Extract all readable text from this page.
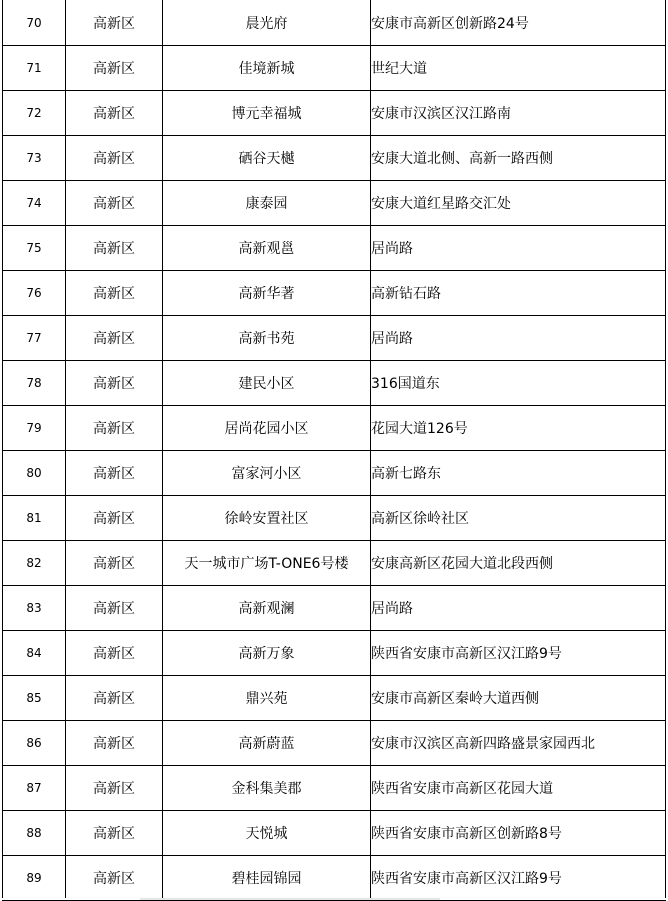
70	高新区	晨光府	安康市高新区创新路24号
71	高新区	佳境新城	世纪大道
72	高新区	博元幸福城	安康市汉滨区汉江路南
73	高新区	硒谷天樾	安康大道北侧、高新一路西侧
74	高新区	康泰园	安康大道红星路交汇处
75	高新区	高新观邕	居尚路
76	高新区	高新华著	高新钻石路
77	高新区	高新书苑	居尚路
78	高新区	建民小区	316国道东
79	高新区	居尚花园小区	花园大道126号
80	高新区	富家河小区	高新七路东
81	高新区	徐岭安置社区	高新区徐岭社区
82	高新区	天一城市广场T-ONE6号楼	安康高新区花园大道北段西侧
83	高新区	高新观澜	居尚路
84	高新区	高新万象	陕西省安康市高新区汉江路9号
85	高新区	鼎兴苑	安康市高新区秦岭大道西侧
86	高新区	高新蔚蓝	安康市汉滨区高新四路盛景家园西北
87	高新区	金科集美郡	陕西省安康市高新区花园大道
88	高新区	天悦城	陕西省安康市高新区创新路8号
89	高新区	碧桂园锦园	陕西省安康市高新区汉江路9号
